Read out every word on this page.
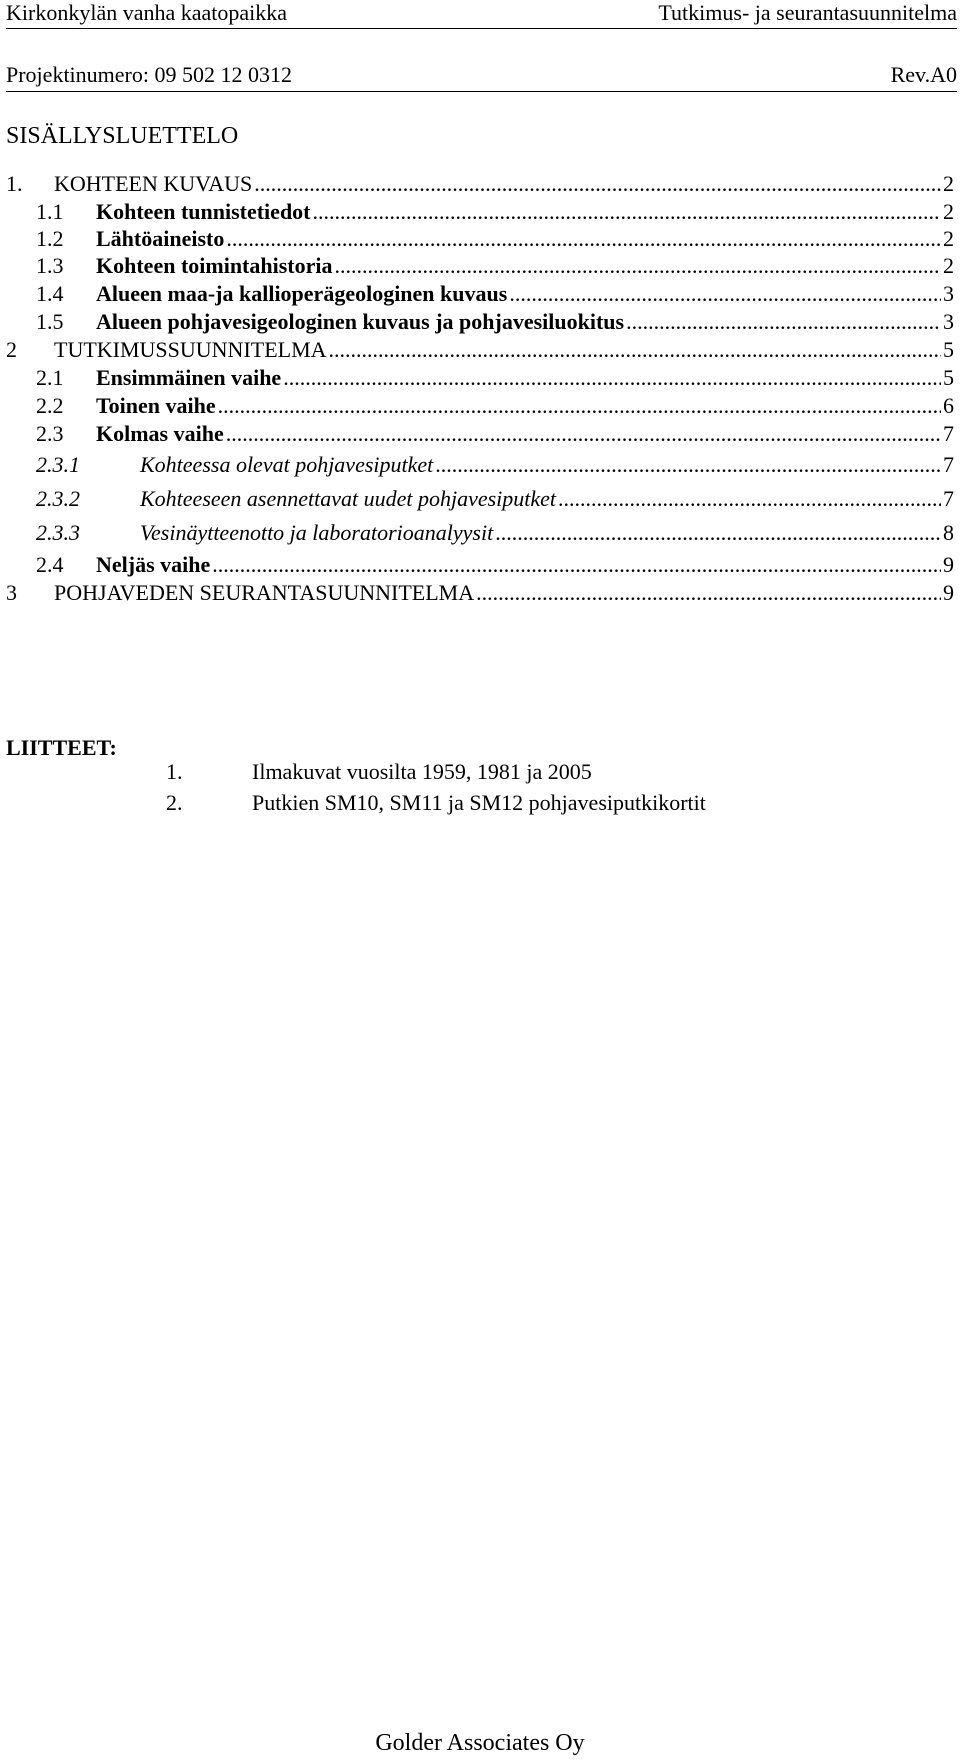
Kirkonkylän vanha kaatopaikka	Tutkimus- ja seurantasuunnitelma
Projektinumero: 09 502 12 0312	Rev.A0
SISÄLLYSLUETTELO
1.	KOHTEEN KUVAUS .....	2
1.1	Kohteen tunnistetiedot .....	2
1.2	Lähtöaineisto .....	2
1.3	Kohteen toimintahistoria .....	2
1.4	Alueen maa-ja kallioperägeologinen kuvaus .....	3
1.5	Alueen pohjavesigeologinen kuvaus ja pohjavesiluokitus .....	3
2	TUTKIMUSSUUNNITELMA .....	5
2.1	Ensimmäinen vaihe .....	5
2.2	Toinen vaihe .....	6
2.3	Kolmas vaihe .....	7
2.3.1	Kohteessa olevat pohjavesiputket .....	7
2.3.2	Kohteeseen asennettavat uudet pohjavesiputket .....	7
2.3.3	Vesinäytteenotto ja laboratorioanalyysit .....	8
2.4	Neljäs vaihe .....	9
3	POHJAVEDEN SEURANTASUUNNITELMA .....	9
LIITTEET:
1.	Ilmakuvat vuosilta 1959, 1981 ja 2005
2.	Putkien SM10, SM11 ja SM12 pohjavesiputkikortit
Golder Associates Oy
